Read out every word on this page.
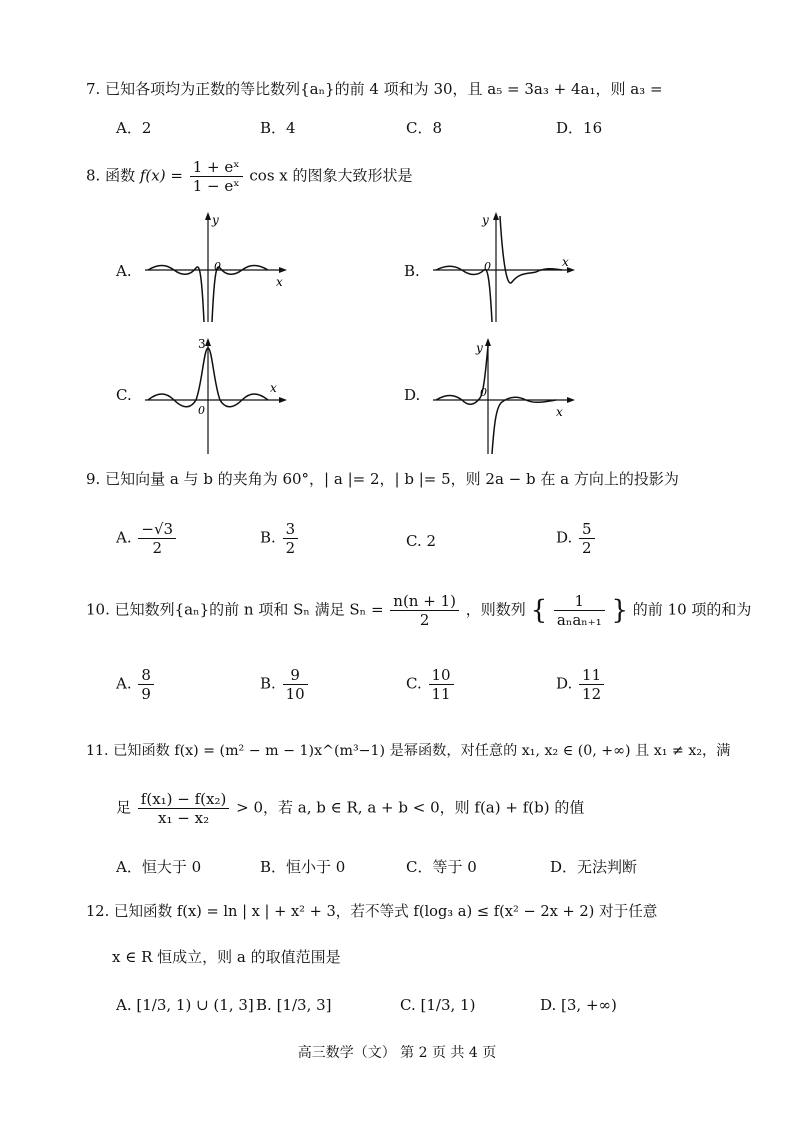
7. 已知各项均为正数的等比数列{aₙ}的前 4 项和为 30，且 a₅ = 3a₃ + 4a₁，则 a₃ =
A．2	B．4	C．8	D．16
8. 函数 $f(x) = \frac{\text{1 + eˣ}}{\text{1 − eˣ}}$ cos x 的图象大致形状是
A.
y
x
0	B.
y
x
0
C.
3
x
0
D.
y
x
0
9. 已知向量 a 与 b 的夹角为 60°，| a |= 2，| b |= 5，则 2a − b 在 a 方向上的投影为
A. $\frac{-√3}{2}$	B. $\frac{3}{2}$	C. 2	D. $\frac{5}{2}$
10. 已知数列{aₙ}的前 n 项和 Sₙ 满足 $S_n = \frac{n(n + 1)}{2}$ ，则数列 { $\frac{1}{\text{aₙaₙ₊₁}}$ } 的前 10 项的和为
A. $\frac{8}{9}$	B. $\frac{9}{10}$	C. $\frac{10}{11}$	D. $\frac{11}{12}$
11. 已知函数 f(x) = (m² − m − 1)x^(m³−1) 是幂函数，对任意的 x₁, x₂ ∈ (0, +∞) 且 x₁ ≠ x₂，满
足 $\frac{\text{f(x₁) − f(x₂)}}{\text{x₁ − x₂}} > 0$，若 a, b ∈ R, a + b < 0，则 f(a) + f(b) 的值
A．恒大于 0	B．恒小于 0	C．等于 0	D．无法判断
12. 已知函数 f(x) = ln | x | + x² + 3，若不等式 f(log₃ a) ≤ f(x² − 2x + 2) 对于任意
x ∈ R 恒成立，则 a 的取值范围是
A. [1/3, 1) ∪ (1, 3] B. [1/3, 3]	C. [1/3, 1)	D. [3, +∞)
高三数学（文） 第 2 页 共 4 页
